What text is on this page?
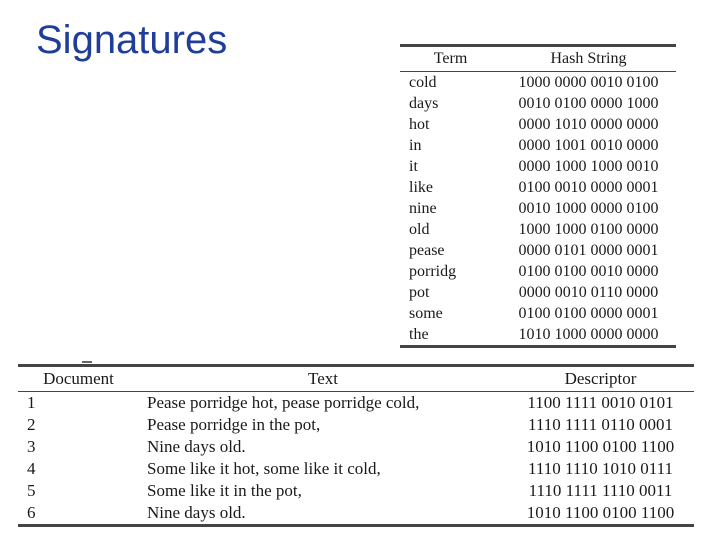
Signatures	Term	Hash String
cold	1000 0000 0010 0100
days	0010 0100 0000 1000
hot	0000 1010 0000 0000
in	0000 1001 0010 0000
it	0000 1000 1000 0010
like	0100 0010 0000 0001
nine	0010 1000 0000 0100
old	1000 1000 0100 0000
pease	0000 0101 0000 0001
porridg	0100 0100 0010 0000
pot	0000 0010 0110 0000
some	0100 0100 0000 0001
the	1010 1000 0000 0000
Document	Text	Descriptor
1	Pease porridge hot, pease porridge cold,	1100 1111 0010 0101
2	Pease porridge in the pot,	1110 1111 0110 0001
3	Nine days old.	1010 1100 0100 1100
4	Some like it hot, some like it cold,	1110 1110 1010 0111
5	Some like it in the pot,	1110 1111 1110 0011
6	Nine days old.	1010 1100 0100 1100
